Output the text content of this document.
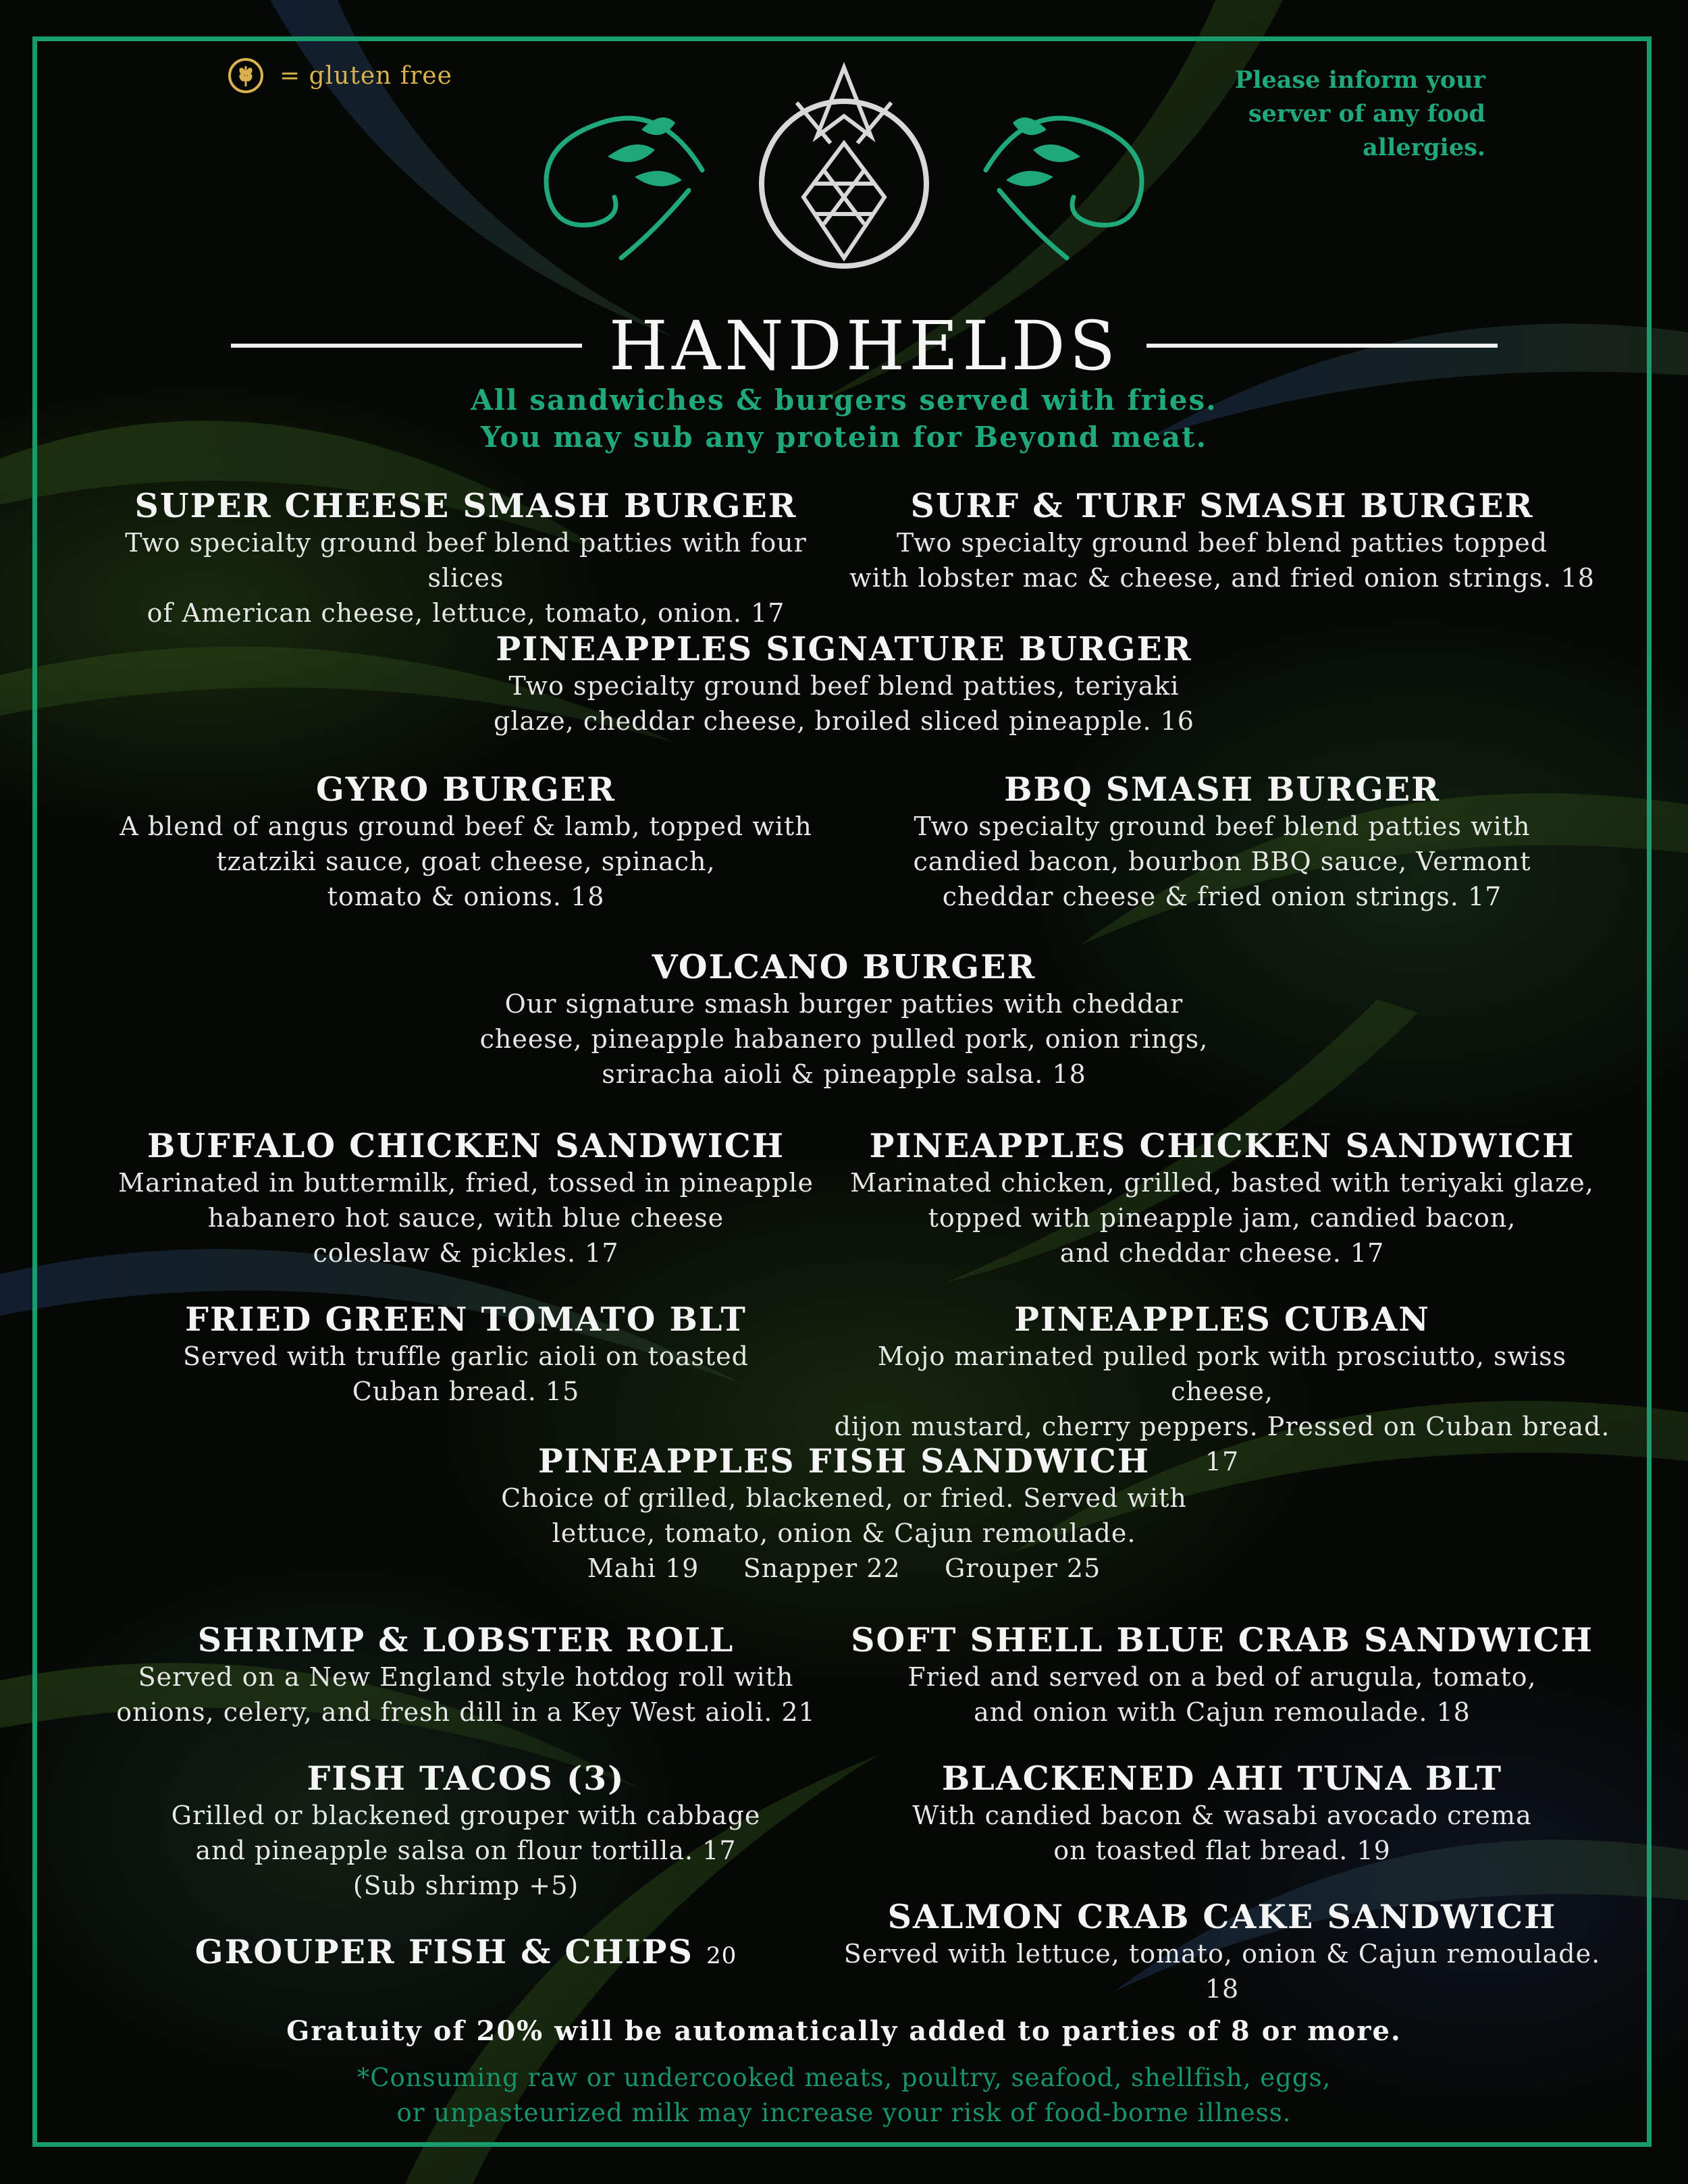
= gluten free	Please inform your
server of any food
allergies.
HANDHELDS
All sandwiches & burgers served with fries.
You may sub any protein for Beyond meat.
SUPER CHEESE SMASH BURGER
Two specialty ground beef blend patties with four slices
of American cheese, lettuce, tomato, onion. 17
SURF & TURF SMASH BURGER
Two specialty ground beef blend patties topped
with lobster mac & cheese, and fried onion strings. 18
PINEAPPLES SIGNATURE BURGER
Two specialty ground beef blend patties, teriyaki
glaze, cheddar cheese, broiled sliced pineapple. 16
GYRO BURGER
A blend of angus ground beef & lamb, topped with
tzatziki sauce, goat cheese, spinach,
tomato & onions. 18
BBQ SMASH BURGER
Two specialty ground beef blend patties with
candied bacon, bourbon BBQ sauce, Vermont
cheddar cheese & fried onion strings. 17
VOLCANO BURGER
Our signature smash burger patties with cheddar
cheese, pineapple habanero pulled pork, onion rings,
sriracha aioli & pineapple salsa. 18
BUFFALO CHICKEN SANDWICH
Marinated in buttermilk, fried, tossed in pineapple
habanero hot sauce, with blue cheese
coleslaw & pickles. 17
PINEAPPLES CHICKEN SANDWICH
Marinated chicken, grilled, basted with teriyaki glaze,
topped with pineapple jam, candied bacon,
and cheddar cheese. 17
FRIED GREEN TOMATO BLT
Served with truffle garlic aioli on toasted
Cuban bread. 15
PINEAPPLES CUBAN
Mojo marinated pulled pork with prosciutto, swiss cheese,
dijon mustard, cherry peppers. Pressed on Cuban bread. 17
PINEAPPLES FISH SANDWICH
Choice of grilled, blackened, or fried. Served with
lettuce, tomato, onion & Cajun remoulade.
Mahi 19     Snapper 22     Grouper 25
SHRIMP & LOBSTER ROLL
Served on a New England style hotdog roll with
onions, celery, and fresh dill in a Key West aioli. 21
SOFT SHELL BLUE CRAB SANDWICH
Fried and served on a bed of arugula, tomato,
and onion with Cajun remoulade. 18
FISH TACOS (3)
Grilled or blackened grouper with cabbage
and pineapple salsa on flour tortilla. 17
(Sub shrimp +5)
BLACKENED AHI TUNA BLT
With candied bacon & wasabi avocado crema
on toasted flat bread. 19
GROUPER FISH & CHIPS 20
SALMON CRAB CAKE SANDWICH
Served with lettuce, tomato, onion & Cajun remoulade. 18
Gratuity of 20% will be automatically added to parties of 8 or more.
*Consuming raw or undercooked meats, poultry, seafood, shellfish, eggs,
or unpasteurized milk may increase your risk of food-borne illness.
